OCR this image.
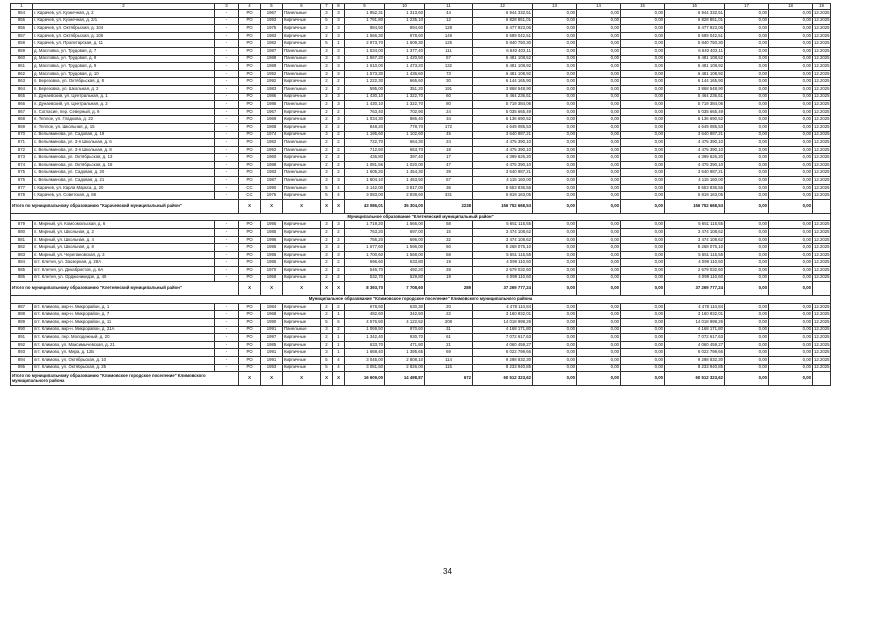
1	2	3	4	5	6	7	8	9	10	11	12	13	14	15	16	17	18	19
854	г. Карачев, ул. Кузнечная, д. 2	-	РО	1967	Панельные	3	3	1 852,31	1 313,60	44	6 944 332,51	0,00	0,00	0,00	6 944 332,51	0,00	0,00	12.2025
855	г. Карачев, ул. Кузнечная, д. 2/1	-	РО	1993	Кирпичные	5	3	1 791,80	1 235,10	12	6 828 851,01	0,00	0,00	0,00	6 828 851,01	0,00	0,00	12.2025
856	г. Карачев, ул. Октябрьская, д. 104	-	РО	1975	Кирпичные	2	3	984,50	894,60	128	6 477 923,06	0,00	0,00	0,00	6 477 923,06	0,00	0,00	12.2025
857	г. Карачев, ул. Октябрьская, д. 106	-	РО	1983	Кирпичные	2	3	1 566,30	978,60	149	5 689 042,51	0,00	0,00	0,00	5 689 042,51	0,00	0,00	12.2025
858	г. Карачев, ул. Пролетарская, д. 11	-	РО	1982	Кирпичные	5	1	2 973,70	1 609,30	125	5 840 750,30	0,00	0,00	0,00	5 840 750,30	0,00	0,00	12.2025
859	д. Масловка, ул. Трудовая, д. 7	-	РО	1987	Панельные	3	3	1 534,00	1 377,40	111	6 640 402,11	0,00	0,00	0,00	6 640 402,11	0,00	0,00	12.2025
860	д. Масловка, ул. Трудовая, д. 8	-	РО	1988	Панельные	3	3	1 567,20	1 420,50	57	6 481 108,52	0,00	0,00	0,00	6 481 108,52	0,00	0,00	12.2025
861	д. Масловка, ул. Трудовая, д. 9	-	РО	1989	Панельные	3	3	1 610,00	1 473,20	132	6 481 108,92	0,00	0,00	0,00	6 481 108,92	0,00	0,00	12.2025
862	д. Масловка, ул. Трудовая, д. 10	-	РО	1992	Панельные	3	3	1 573,30	1 436,60	73	6 481 108,92	0,00	0,00	0,00	6 481 108,92	0,00	0,00	12.2025
863	п. Березовка, ул. Октябрьская, д. 8	-	РО	1992	Кирпичные	2	2	1 222,30	665,60	30	6 144 165,90	0,00	0,00	0,00	6 144 165,90	0,00	0,00	12.2025
864	п. Березовка, ул. Школьная, д. 2	-	РО	1983	Панельные	2	2	595,00	351,20	191	3 868 548,90	0,00	0,00	0,00	3 868 548,90	0,00	0,00	12.2025
865	п. Дунаевский, ул. Центральная, д. 1	-	РО	1986	Кирпичные	2	3	1 430,10	1 322,70	60	5 464 236,51	0,00	0,00	0,00	5 464 236,51	0,00	0,00	12.2025
866	п. Дунаевский, ул. Центральная, д. 2	-	РО	1986	Панельные	2	3	1 430,10	1 322,70	80	5 719 384,06	0,00	0,00	0,00	5 719 384,06	0,00	0,00	12.2025
867	п. Согласие, пер. Северный, д. 9	-	РО	1967	Кирпичные	2	2	763,40	702,90	24	5 035 665,49	0,00	0,00	0,00	5 035 665,49	0,00	0,00	12.2025
868	п. Теплое, ул. Гладкова, д. 22	-	РО	1969	Кирпичные	2	3	1 034,30	886,40	34	5 136 690,52	0,00	0,00	0,00	5 136 690,52	0,00	0,00	12.2025
869	п. Теплое, ул. Школьная, д. 15	-	РО	1968	Кирпичные	2	2	848,20	778,70	172	4 649 085,53	0,00	0,00	0,00	4 649 085,53	0,00	0,00	12.2025
870	с. Вельяминова, ул. Садовая, д. 19	-	РО	1974	Кирпичные	3	2	1 195,60	1 102,60	45	3 640 987,21	0,00	0,00	0,00	3 640 987,21	0,00	0,00	12.2025
871	с. Вельяминова, ул. 3-я Школьная, д. 6	-	РО	1982	Панельные	2	2	722,70	664,30	24	4 475 390,10	0,00	0,00	0,00	4 475 390,10	0,00	0,00	12.2025
872	с. Вельяминова, ул. 3-я Школьная, д. 8	-	РО	1992	Панельные	2	2	712,50	653,70	18	4 475 390,10	0,00	0,00	0,00	4 475 390,10	0,00	0,00	12.2025
873	с. Вельяминова, ул. Октябрьская, д. 13	-	РО	1960	Кирпичные	2	2	436,80	397,40	17	4 399 626,20	0,00	0,00	0,00	4 399 626,20	0,00	0,00	12.2025
874	с. Вельяминова, ул. Октябрьская, д. 18	-	РО	1988	Кирпичные	2	2	1 081,56	1 020,00	47	4 475 390,10	0,00	0,00	0,00	4 475 390,10	0,00	0,00	12.2025
875	с. Вельяминова, ул. Садовая, д. 20	-	РО	1983	Панельные	3	2	1 605,20	1 454,30	39	3 640 987,21	0,00	0,00	0,00	3 640 987,21	0,00	0,00	12.2025
876	с. Вельяминова, ул. Садовая, д. 21	-	РО	1987	Панельные	3	3	1 604,10	1 453,50	57	4 115 160,00	0,00	0,00	0,00	4 115 160,00	0,00	0,00	12.2025
877	г. Карачев, ул. Карла Маркса, д. 20	-	СС	1990	Панельные	5	4	4 142,00	3 817,00	36	8 653 836,56	0,00	0,00	0,00	8 653 836,56	0,00	0,00	12.2025
878	г. Карачев, ул. Советская, д. 68	-	СС	1976	Кирпичные	5	4	3 083,00	2 839,60	331	6 819 163,05	0,00	0,00	0,00	6 819 163,05	0,00	0,00	12.2025
Итого по муниципальному образованию "Карачевский муниципальный район"			X	X	X	X	X	43 086,01	35 304,00	2238	156 752 668,53	0,00	0,00	0,00	156 752 668,53	0,00	0,00	
Муниципальное образование "Клетнянский муниципальный район"																		
879	п. Мирный, ул. Комсомольская, д. 6	-	РО	1995	Кирпичные	3	3	1 719,20	1 566,00	58	5 651 115,55	0,00	0,00	0,00	5 651 115,55	0,00	0,00	12.2025
880	п. Мирный, ул. Школьная, д. 2	-	РО	1985	Кирпичные	2	2	763,20	697,00	15	3 474 108,62	0,00	0,00	0,00	3 474 108,62	0,00	0,00	12.2025
881	п. Мирный, ул. Школьная, д. 4	-	РО	1996	Кирпичные	2	2	756,20	696,00	32	3 474 108,62	0,00	0,00	0,00	3 474 108,62	0,00	0,00	12.2025
882	п. Мирный, ул. Школьная, д. 8	-	РО	1995	Кирпичные	3	2	1 677,60	1 596,00	60	8 268 075,10	0,00	0,00	0,00	8 268 075,10	0,00	0,00	12.2025
883	п. Мирный, ул. Черепановская, д. 3	-	РО	1995	Кирпичные	3	3	1 700,60	1 568,00	58	5 651 115,55	0,00	0,00	0,00	5 651 115,55	0,00	0,00	12.2025
884	пгт. Клетня, ул. Заозерная, д. 28А	-	РО	1985	Кирпичные	2	2	696,60	633,80	19	4 099 110,60	0,00	0,00	0,00	4 099 110,60	0,00	0,00	12.2025
885	пгт. Клетня, ул. Декабристов, д. 6А	-	РО	1970	Кирпичные	2	2	546,70	492,20	28	2 579 032,60	0,00	0,00	0,00	2 579 032,60	0,00	0,00	12.2025
886	пгт. Клетня, ул. Орджоникидзе, д. 45	-	РО	1958	Кирпичные	2	2	532,70	529,80	19	4 099 110,60	0,00	0,00	0,00	4 099 110,60	0,00	0,00	12.2025
Итого по муниципальному образованию "Клетнянский муниципальный район"			X	X	X	X	X	8 393,70	7 708,60	289	37 269 777,24	0,00	0,00	0,00	37 269 777,24	0,00	0,00	
Муниципальное образование "Климовское городское поселение" Климовского муниципального района																		
887	пгт. Климово, мкр-н. Микрорайон, д. 1	-	РО	1984	Кирпичные	2	2	678,50	630,30	20	4 478 110,84	0,00	0,00	0,00	4 478 110,84	0,00	0,00	12.2025
888	пгт. Климово, мкр-н. Микрорайон, д. 7	-	РО	1968	Кирпичные	2	1	482,60	342,50	22	3 160 832,01	0,00	0,00	0,00	3 160 832,01	0,00	0,00	12.2025
889	пгт. Климово, мкр-н. Микрорайон, д. 11	-	РО	1990	Кирпичные	5	6	4 576,50	4 122,52	208	14 018 999,26	0,00	0,00	0,00	14 018 999,26	0,00	0,00	12.2025
890	пгт. Климово, мкр-н. Микрорайон, д. 21А	-	РО	1991	Панельные	3	2	1 069,50	970,60	31	4 168 171,80	0,00	0,00	0,00	4 168 171,80	0,00	0,00	12.2025
891	пгт. Климово, пер. Молодежный, д. 20	-	РО	1997	Кирпичные	2	1	1 342,40	930,70	61	7 072 617,63	0,00	0,00	0,00	7 072 617,63	0,00	0,00	12.2025
892	пгт. Климово, ул. Максимычевская, д. 21	-	РО	1985	Кирпичные	2	1	633,70	471,80	21	4 060 459,27	0,00	0,00	0,00	4 060 459,27	0,00	0,00	12.2025
893	пгт. Климово, ул. Мира, д. 12Б	-	РО	1991	Кирпичные	3	1	1 668,40	1 395,65	69	6 022 799,66	0,00	0,00	0,00	6 022 799,66	0,00	0,00	12.2025
894	пгт. Климово, ул. Октябрьская, д. 10	-	РО	1991	Кирпичные	5	4	3 045,00	2 808,10	114	9 298 832,30	0,00	0,00	0,00	9 298 832,30	0,00	0,00	12.2025
895	пгт. Климово, ул. Октябрьская, д. 25	-	РО	1993	Кирпичные	5	4	3 081,50	2 826,00	115	8 233 940,85	0,00	0,00	0,00	8 233 940,85	0,00	0,00	12.2025
Итого по муниципальному образованию "Климовское городское поселение" Климовского муниципального района			X	X	X	X	X	16 609,00	14 498,87	672	60 512 323,62	0,00	0,00	0,00	60 512 323,62	0,00	0,00	
34
